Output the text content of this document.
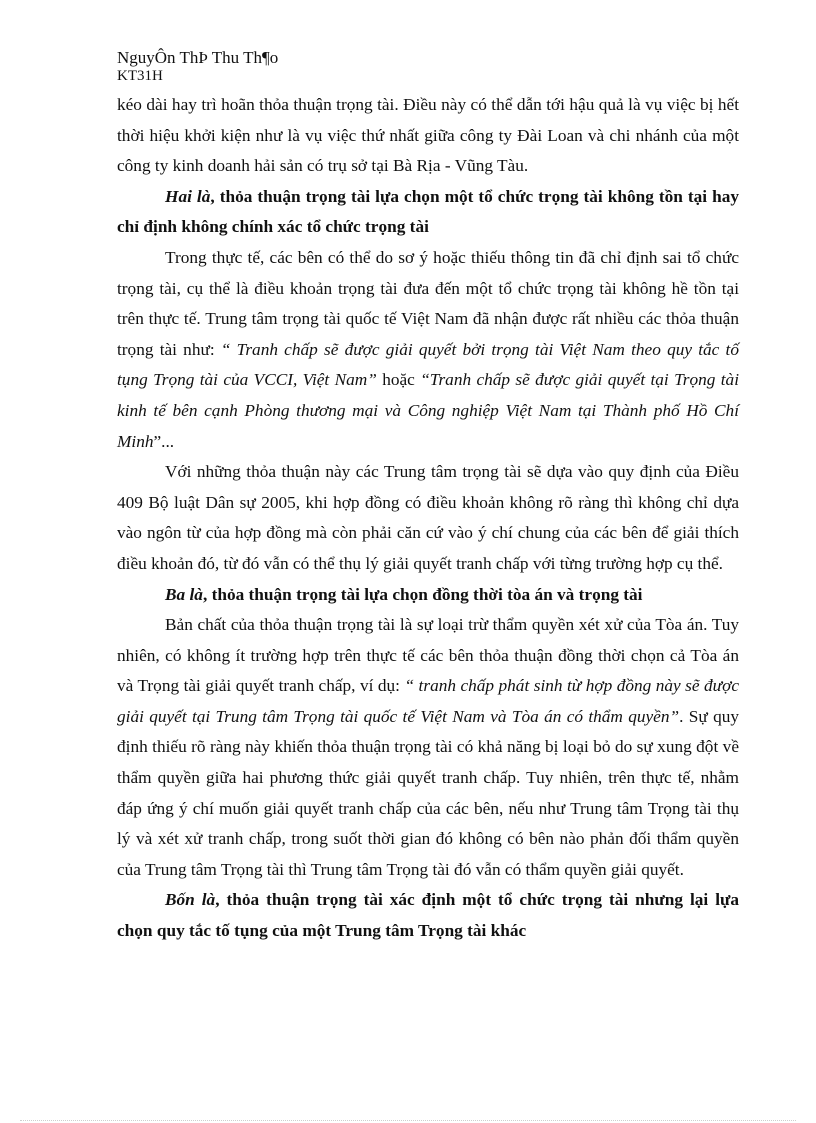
NguyÔn ThÞ Thu Th¶o
KT31H

kéo dài hay trì hoãn thỏa thuận trọng tài. Điều này có thể dẫn tới hậu quả là vụ việc bị hết thời hiệu khởi kiện như là vụ việc thứ nhất giữa công ty Đài Loan và chi nhánh của một công ty kinh doanh hải sản có trụ sở tại Bà Rịa - Vũng Tàu.

Hai là, thỏa thuận trọng tài lựa chọn một tổ chức trọng tài không tồn tại hay chỉ định không chính xác tổ chức trọng tài

Trong thực tế, các bên có thể do sơ ý hoặc thiếu thông tin đã chỉ định sai tổ chức trọng tài, cụ thể là điều khoản trọng tài đưa đến một tổ chức trọng tài không hề tồn tại trên thực tế. Trung tâm trọng tài quốc tế Việt Nam đã nhận được rất nhiều các thỏa thuận trọng tài như: “ Tranh chấp sẽ được giải quyết bởi trọng tài Việt Nam theo quy tắc tố tụng Trọng tài của VCCI, Việt Nam” hoặc “Tranh chấp sẽ được giải quyết tại Trọng tài kinh tế bên cạnh Phòng thương mại và Công nghiệp Việt Nam tại Thành phố Hồ Chí Minh”...

Với những thỏa thuận này các Trung tâm trọng tài sẽ dựa vào quy định của Điều 409 Bộ luật Dân sự 2005, khi hợp đồng có điều khoản không rõ ràng thì không chỉ dựa vào ngôn từ của hợp đồng mà còn phải căn cứ vào ý chí chung của các bên để giải thích điều khoản đó, từ đó vẫn có thể thụ lý giải quyết tranh chấp với từng trường hợp cụ thể.

Ba là, thỏa thuận trọng tài lựa chọn đồng thời tòa án và trọng tài

Bản chất của thỏa thuận trọng tài là sự loại trừ thẩm quyền xét xử của Tòa án. Tuy nhiên, có không ít trường hợp trên thực tế các bên thỏa thuận đồng thời chọn cả Tòa án và Trọng tài giải quyết tranh chấp, ví dụ: “ tranh chấp phát sinh từ hợp đồng này sẽ được giải quyết tại Trung tâm Trọng tài quốc tế Việt Nam và Tòa án có thẩm quyền”. Sự quy định thiếu rõ ràng này khiến thỏa thuận trọng tài có khả năng bị loại bỏ do sự xung đột về thẩm quyền giữa hai phương thức giải quyết tranh chấp. Tuy nhiên, trên thực tế, nhằm đáp ứng ý chí muốn giải quyết tranh chấp của các bên, nếu như Trung tâm Trọng tài thụ lý và xét xử tranh chấp, trong suốt thời gian đó không có bên nào phản đối thẩm quyền của Trung tâm Trọng tài thì Trung tâm Trọng tài đó vẫn có thẩm quyền giải quyết.

Bốn là, thỏa thuận trọng tài xác định một tổ chức trọng tài nhưng lại lựa chọn quy tắc tố tụng của một Trung tâm Trọng tài khác
